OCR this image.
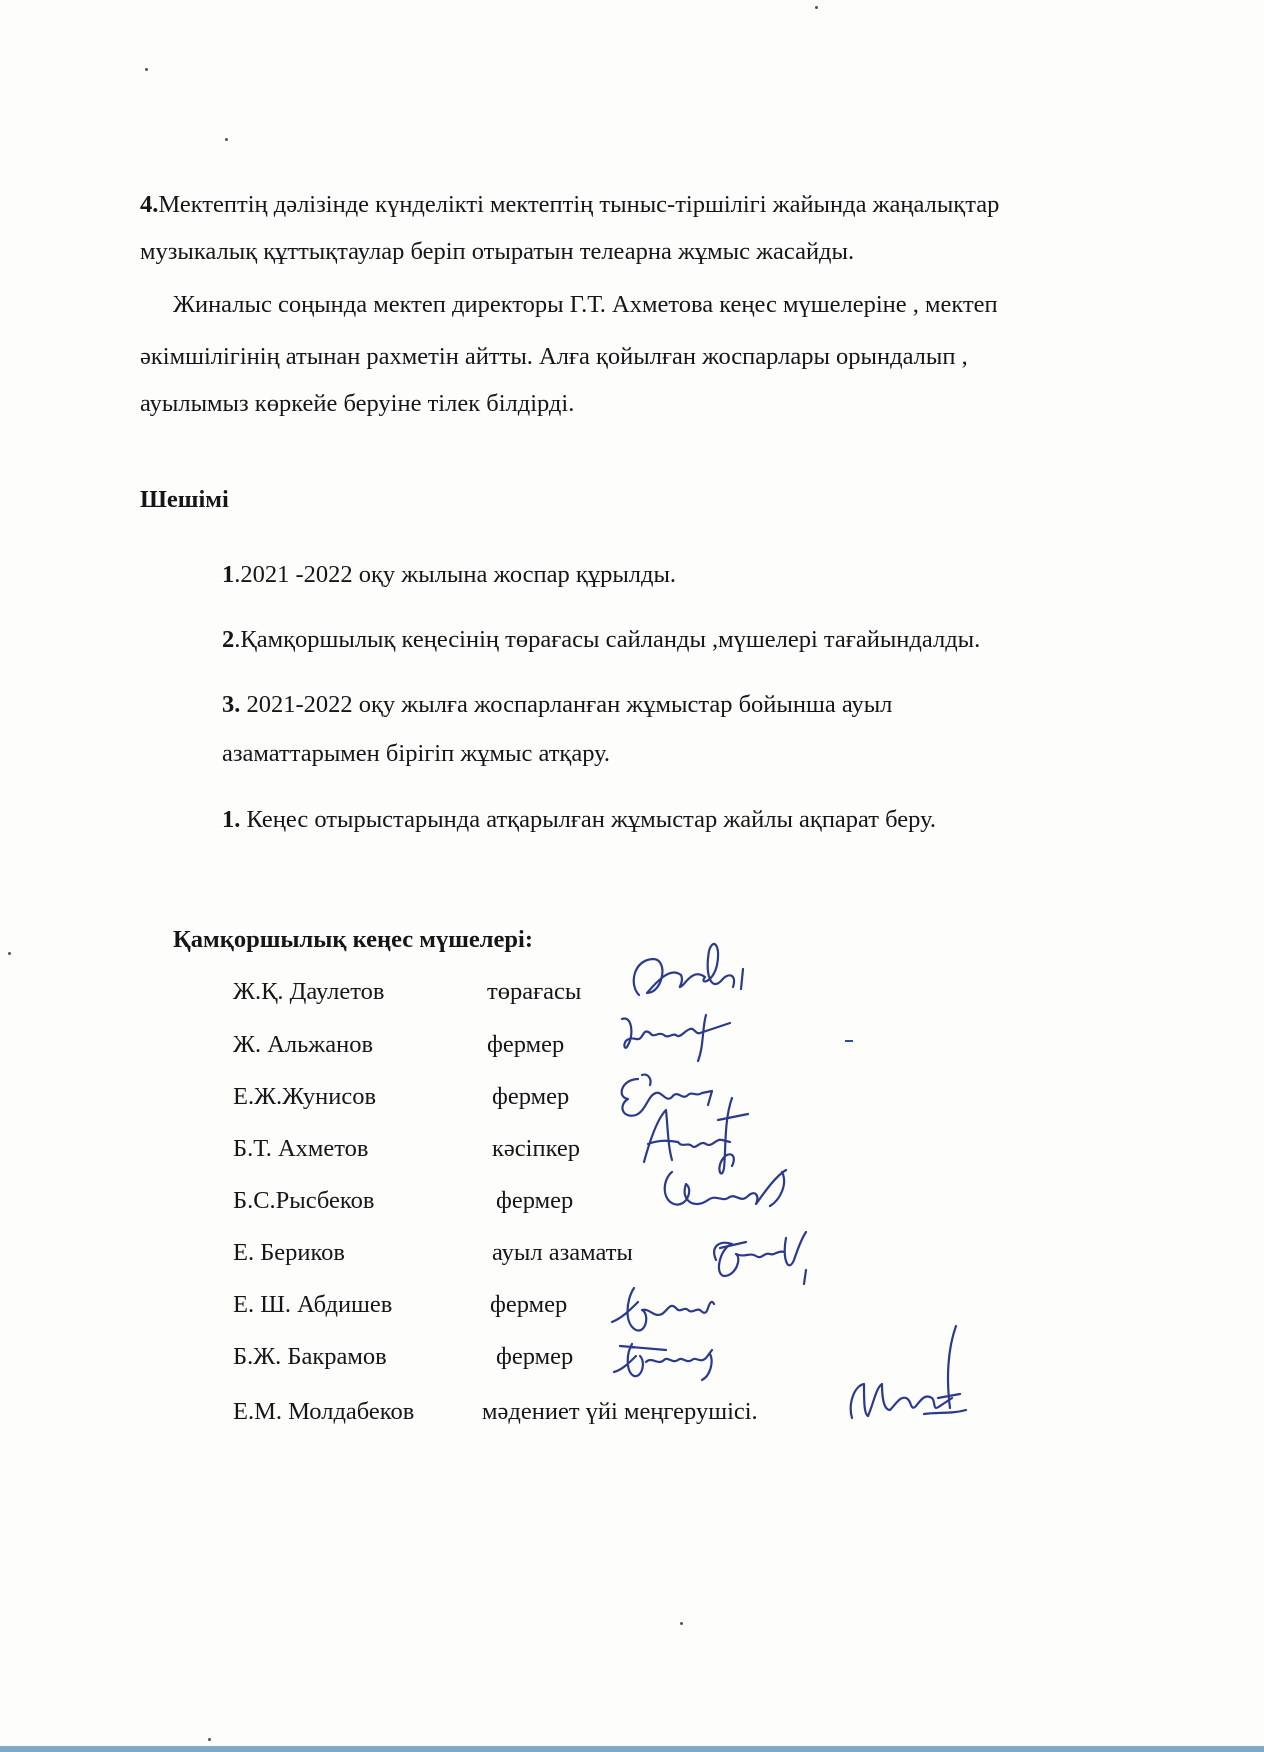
4.Мектептің дәлізінде күнделікті мектептің тыныс-тіршілігі жайында жаңалықтар
музыкалық құттықтаулар беріп отыратын телеарна жұмыс жасайды.
Жиналыс соңында мектеп директоры Г.Т. Ахметова кеңес мүшелеріне , мектеп
әкімшілігінің атынан рахметін айтты. Алға қойылған жоспарлары орындалып ,
ауылымыз көркейе беруіне тілек білдірді.
Шешімі
1.2021 -2022 оқу жылына жоспар құрылды.
2.Қамқоршылық кеңесінің төрағасы сайланды ,мүшелері тағайындалды.
3. 2021-2022 оқу жылға жоспарланған жұмыстар бойынша ауыл
азаматтарымен бірігіп жұмыс атқару.
1. Кеңес отырыстарында атқарылған жұмыстар жайлы ақпарат беру.
Қамқоршылық кеңес мүшелері:
Ж.Қ. Даулетов	төрағасы
Ж. Альжанов	фермер
Е.Ж.Жунисов	фермер
Б.Т. Ахметов	кәсіпкер
Б.С.Рысбеков	фермер
Е. Бериков	ауыл азаматы
Е. Ш. Абдишев	фермер
Б.Ж. Бакрамов	фермер
Е.М. Молдабеков	мәдениет үйі меңгерушісі.
